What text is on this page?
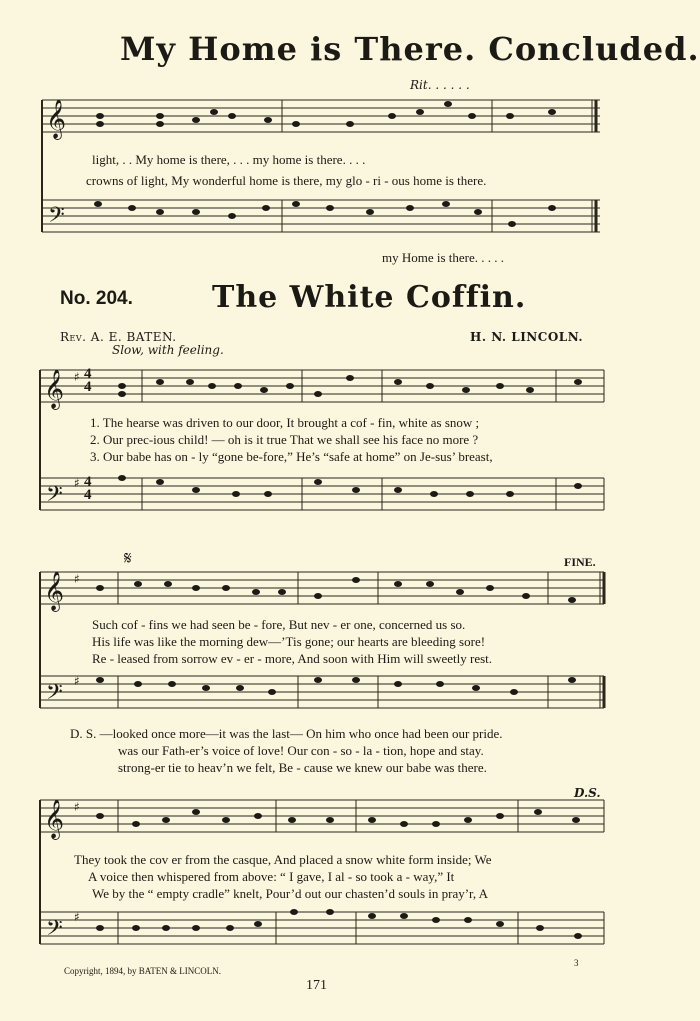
My Home is There. Concluded.
Rit. . . . . .
𝄞
𝄢
light, . . My home is there, . . . my home is there. . . .
crowns of light, My wonderful home is there, my glo - ri - ous home is there.
my Home is there. . . . .
No. 204.	The White Coffin.
Rev. A. E. BATEN.	H. N. LINCOLN.
Slow, with feeling.
𝄞
𝄢
♯
♯
4
4
4
4
1. The hearse was driven to our door, It brought a cof - fin, white as snow ;
2. Our prec-ious child! — oh is it true That we shall see his face no more ?
3. Our babe has on - ly “gone be-fore,” He’s “safe at home” on Je-sus’ breast,
𝄋	FINE.
𝄞
𝄢
♯
♯
Such cof - fins we had seen be - fore, But nev - er one, concerned us so.
His life was like the morning dew—’Tis gone; our hearts are bleeding sore!
Re - leased from sorrow ev - er - more, And soon with Him will sweetly rest.
D. S. —looked once more—it was the last— On him who once had been our pride.
was our Fath-er’s voice of love! Our con - so - la - tion, hope and stay.
strong-er tie to heav’n we felt, Be - cause we knew our babe was there.
D.S.
𝄞
𝄢
♯
♯
They took the cov er from the casque, And placed a snow white form inside; We
A voice then whispered from above: “ I gave, I al - so took a - way,” It
We by the “ empty cradle” knelt, Pour’d out our chasten’d souls in pray’r, A
Copyright, 1894, by BATEN & LINCOLN.
3
171
